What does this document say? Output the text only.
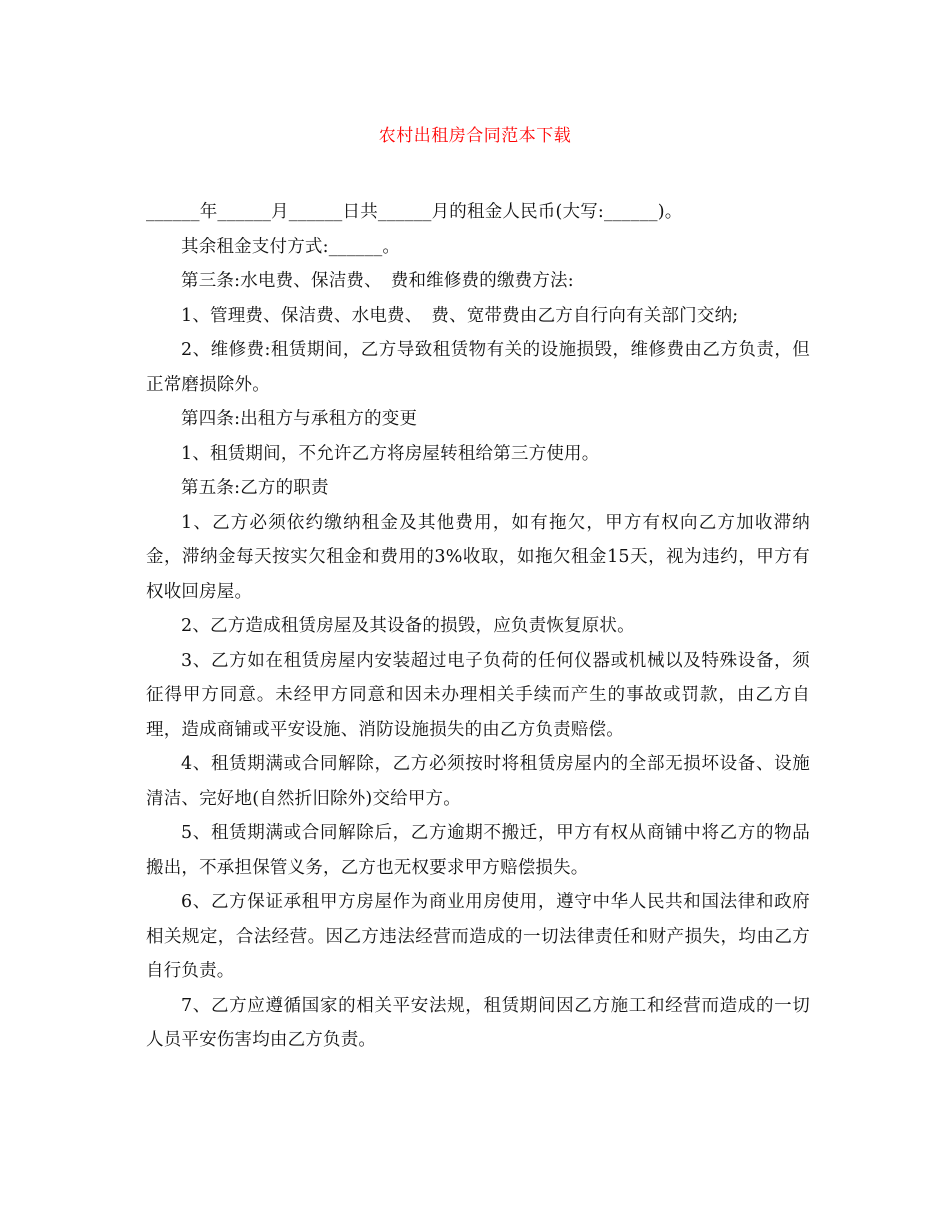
农村出租房合同范本下载

______年______月______日共______月的租金人民币(大写:______)。

其余租金支付方式:______。

第三条:水电费、保洁费、　费和维修费的缴费方法:

1、管理费、保洁费、水电费、　费、宽带费由乙方自行向有关部门交纳;

2、维修费:租赁期间，乙方导致租赁物有关的设施损毁，维修费由乙方负责，但正常磨损除外。

第四条:出租方与承租方的变更

1、租赁期间，不允许乙方将房屋转租给第三方使用。

第五条:乙方的职责

1、乙方必须依约缴纳租金及其他费用，如有拖欠，甲方有权向乙方加收滞纳金，滞纳金每天按实欠租金和费用的3%收取，如拖欠租金15天，视为违约，甲方有权收回房屋。

2、乙方造成租赁房屋及其设备的损毁，应负责恢复原状。

3、乙方如在租赁房屋内安装超过电子负荷的任何仪器或机械以及特殊设备，须征得甲方同意。未经甲方同意和因未办理相关手续而产生的事故或罚款，由乙方自理，造成商铺或平安设施、消防设施损失的由乙方负责赔偿。

4、租赁期满或合同解除，乙方必须按时将租赁房屋内的全部无损坏设备、设施清洁、完好地(自然折旧除外)交给甲方。

5、租赁期满或合同解除后，乙方逾期不搬迁，甲方有权从商铺中将乙方的物品搬出，不承担保管义务，乙方也无权要求甲方赔偿损失。

6、乙方保证承租甲方房屋作为商业用房使用，遵守中华人民共和国法律和政府相关规定，合法经营。因乙方违法经营而造成的一切法律责任和财产损失，均由乙方自行负责。

7、乙方应遵循国家的相关平安法规，租赁期间因乙方施工和经营而造成的一切人员平安伤害均由乙方负责。
